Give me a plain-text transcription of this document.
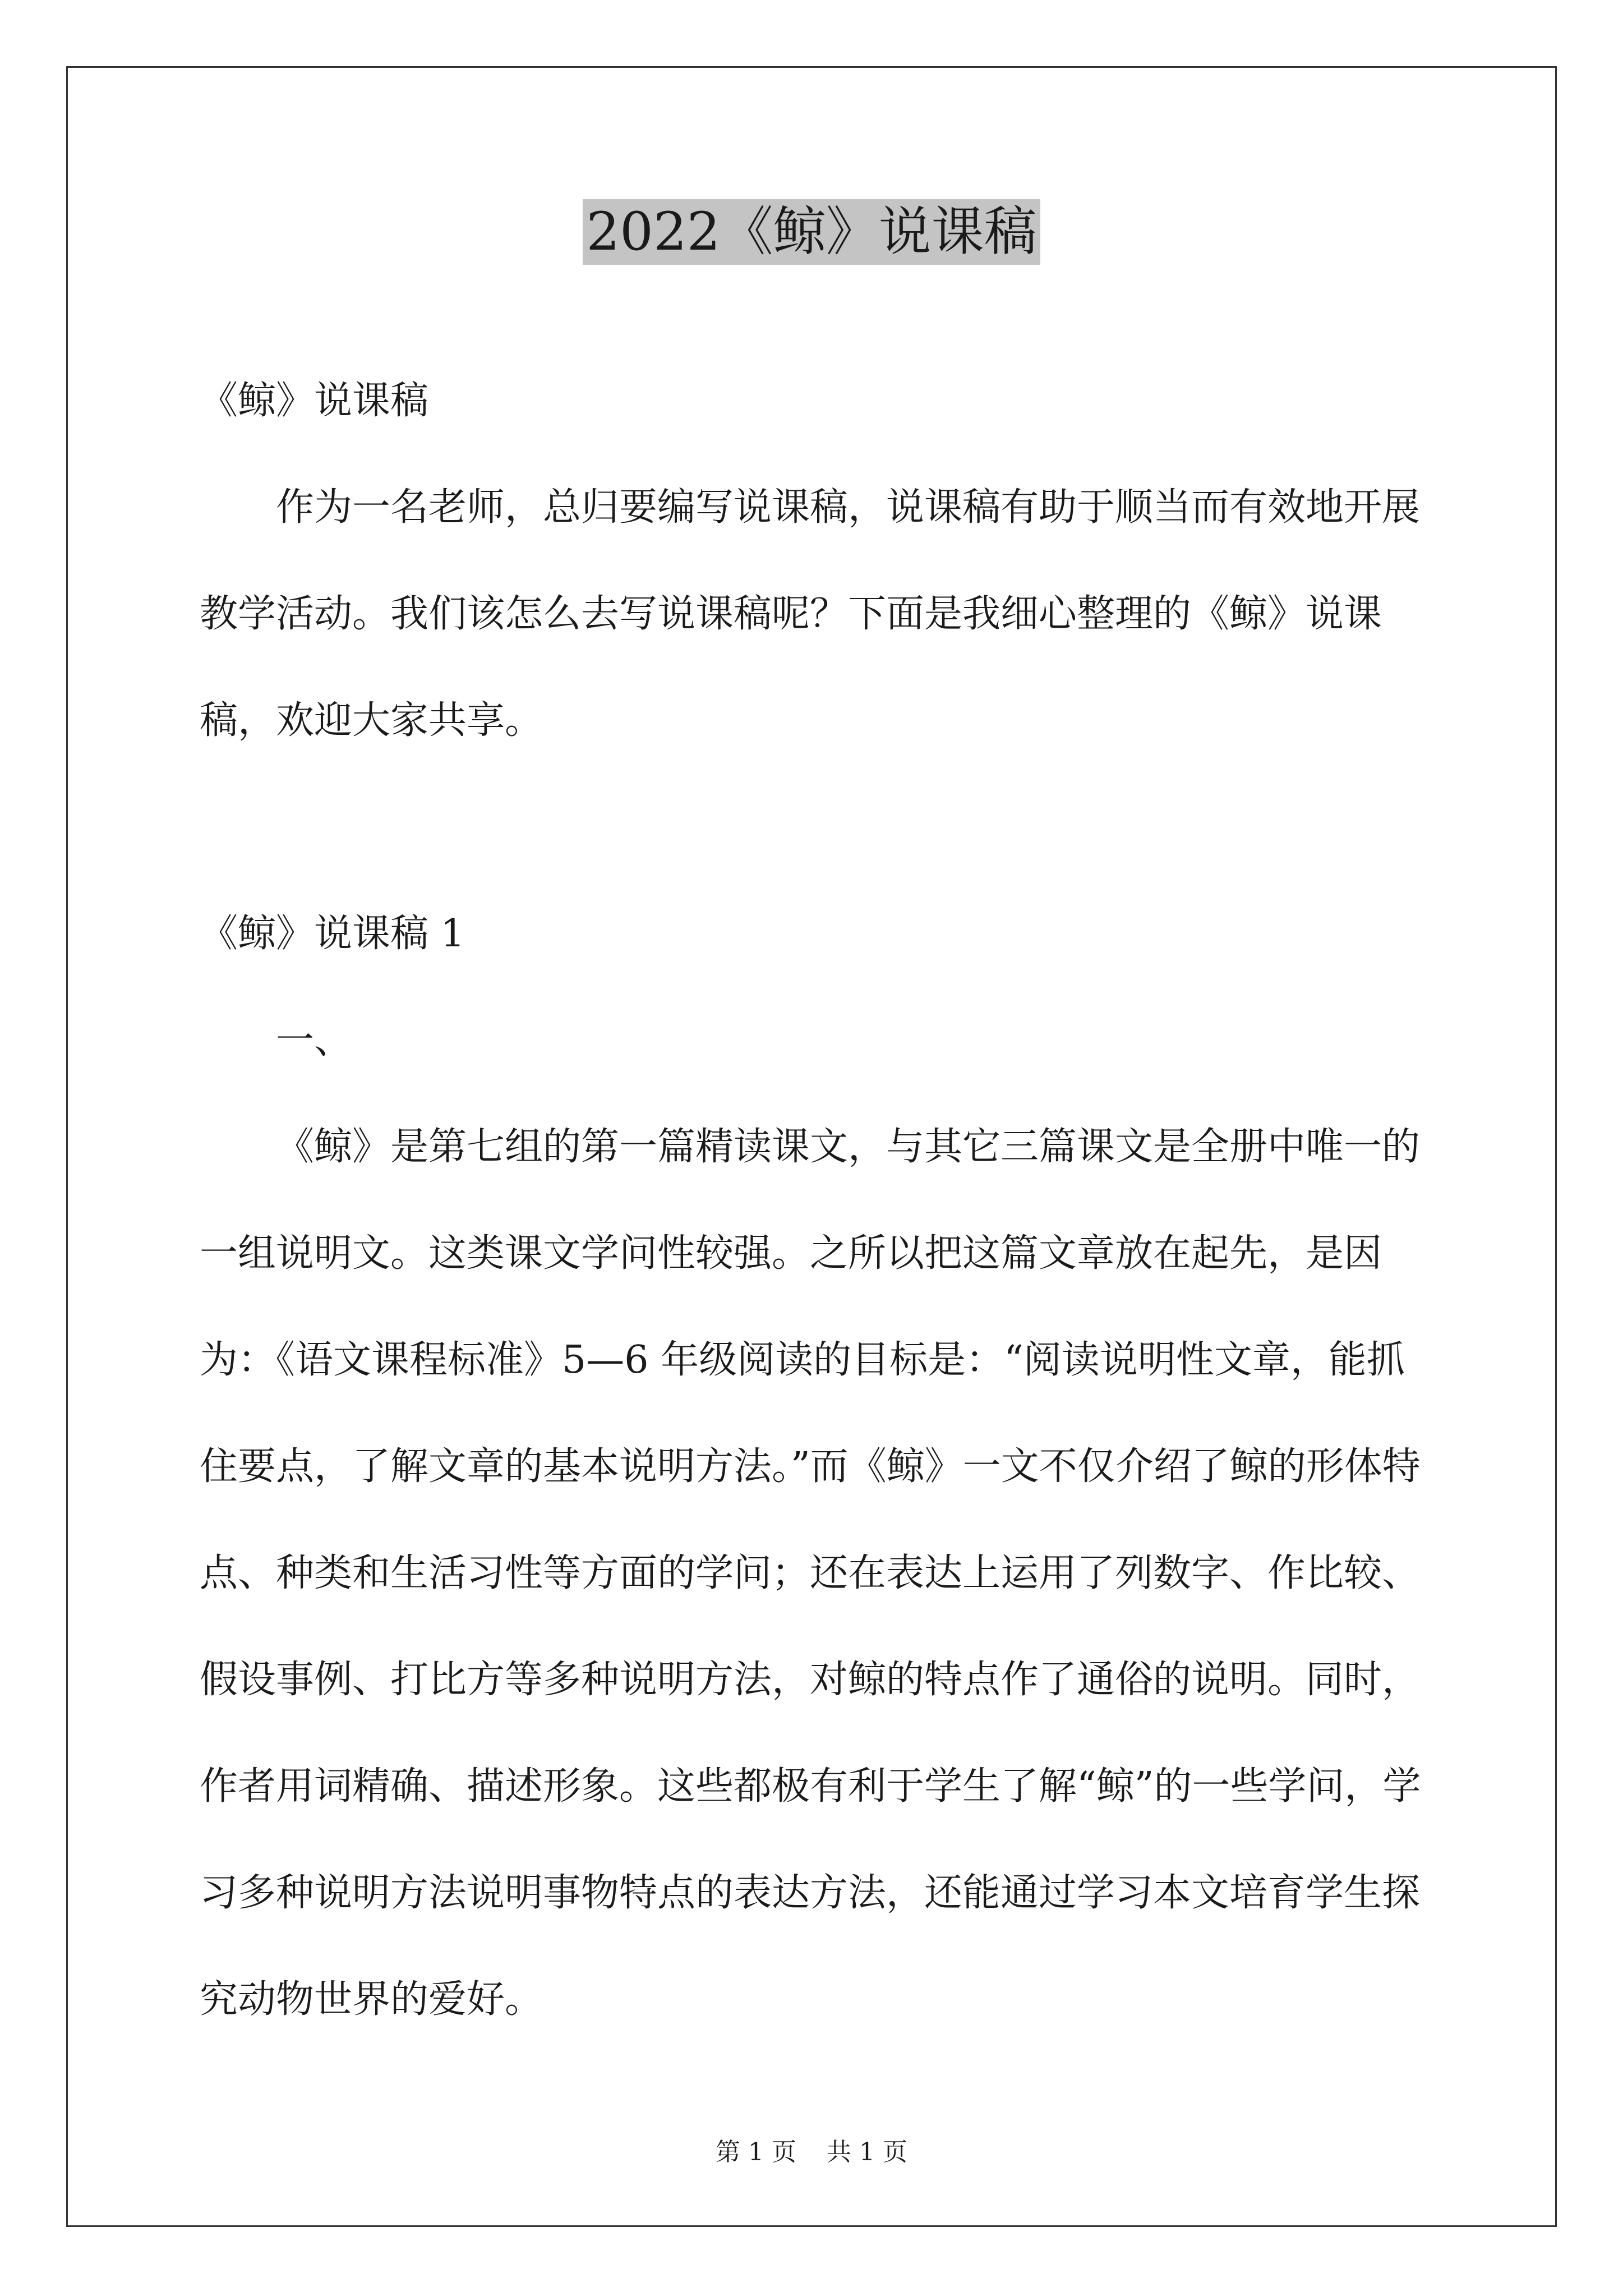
2022《鲸》说课稿

《鲸》说课稿

作为一名老师，总归要编写说课稿，说课稿有助于顺当而有效地开展教学活动。我们该怎么去写说课稿呢？下面是我细心整理的《鲸》说课稿，欢迎大家共享。

《鲸》说课稿 1

一、

《鲸》是第七组的第一篇精读课文，与其它三篇课文是全册中唯一的一组说明文。这类课文学问性较强。之所以把这篇文章放在起先，是因为：《语文课程标准》5—6 年级阅读的目标是：“阅读说明性文章，能抓住要点，了解文章的基本说明方法。”而《鲸》一文不仅介绍了鲸的形体特点、种类和生活习性等方面的学问；还在表达上运用了列数字、作比较、假设事例、打比方等多种说明方法，对鲸的特点作了通俗的说明。同时，作者用词精确、描述形象。这些都极有利于学生了解“鲸”的一些学问，学习多种说明方法说明事物特点的表达方法，还能通过学习本文培育学生探究动物世界的爱好。

第 1 页 共 1 页
